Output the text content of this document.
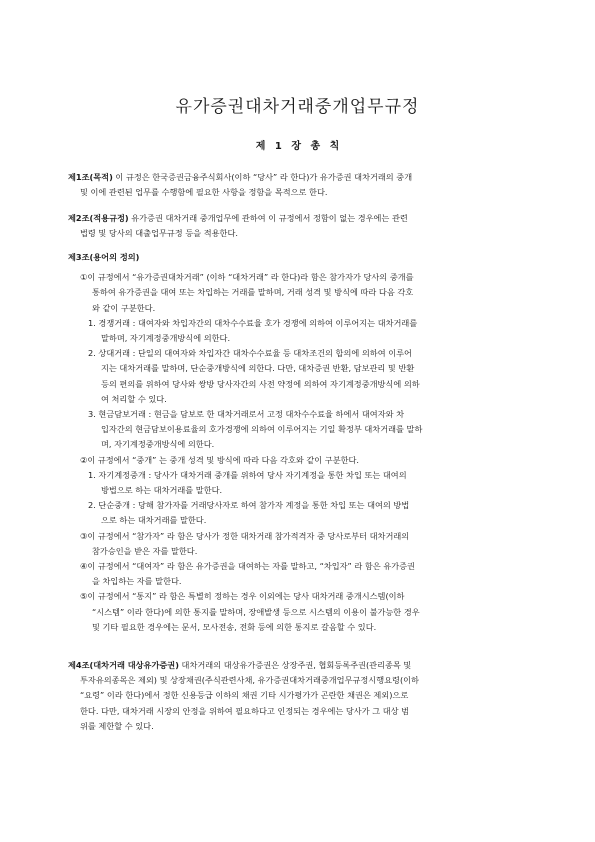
유가증권대차거래중개업무규정
제 1 장 총 칙
제1조(목적) 이 규정은 한국증권금융주식회사(이하 “당사” 라 한다)가 유가증권 대차거래의 중개
및 이에 관련된 업무를 수행함에 필요한 사항을 정함을 목적으로 한다.
제2조(적용규정) 유가증권 대차거래 중개업무에 관하여 이 규정에서 정함이 없는 경우에는 관련
법령 및 당사의 대출업무규정 등을 적용한다.
제3조(용어의 정의)
①이 규정에서 “유가증권대차거래” (이하 “대차거래” 라 한다)라 함은 참가자가 당사의 중개를
통하여 유가증권을 대여 또는 차입하는 거래를 말하며, 거래 성격 및 방식에 따라 다음 각호
와 같이 구분한다.
1. 경쟁거래 : 대여자와 차입자간의 대차수수료율 호가 경쟁에 의하여 이루어지는 대차거래를
말하며, 자기계정중개방식에 의한다.
2. 상대거래 : 단일의 대여자와 차입자간 대차수수료율 등 대차조건의 합의에 의하여 이루어
지는 대차거래를 말하며, 단순중개방식에 의한다. 다만, 대차증권 반환, 담보관리 및 반환
등의 편의를 위하여 당사와 쌍방 당사자간의 사전 약정에 의하여 자기계정중개방식에 의하
여 처리할 수 있다.
3. 현금담보거래 : 현금을 담보로 한 대차거래로서 고정 대차수수료율 하에서 대여자와 차
입자간의 현금담보이용료율의 호가경쟁에 의하여 이루어지는 기일 확정부 대차거래를 말하
며, 자기계정중개방식에 의한다.
②이 규정에서 “중개” 는 중개 성격 및 방식에 따라 다음 각호와 같이 구분한다.
1. 자기계정중개 : 당사가 대차거래 중개를 위하여 당사 자기계정을 통한 차입 또는 대여의
방법으로 하는 대차거래를 말한다.
2. 단순중개 : 당해 참가자를 거래당사자로 하여 참가자 계정을 통한 차입 또는 대여의 방법
으로 하는 대차거래를 말한다.
③이 규정에서 “참가자” 라 함은 당사가 정한 대차거래 참가적격자 중 당사로부터 대차거래의
참가승인을 받은 자를 말한다.
④이 규정에서 “대여자” 라 함은 유가증권을 대여하는 자를 말하고, “차입자” 라 함은 유가증권
을 차입하는 자를 말한다.
⑤이 규정에서 “통지” 라 함은 특별히 정하는 경우 이외에는 당사 대차거래 중개시스템(이하
“시스템” 이라 한다)에 의한 통지를 말하며, 장애발생 등으로 시스템의 이용이 불가능한 경우
및 기타 필요한 경우에는 문서, 모사전송, 전화 등에 의한 통지로 갈음할 수 있다.
제4조(대차거래 대상유가증권) 대차거래의 대상유가증권은 상장주권, 협회등록주권(관리종목 및
투자유의종목은 제외) 및 상장채권(주식관련사채, 유가증권대차거래중개업무규정시행요령(이하
“요령” 이라 한다)에서 정한 신용등급 이하의 채권 기타 시가평가가 곤란한 채권은 제외)으로
한다. 다만, 대차거래 시장의 안정을 위하여 필요하다고 인정되는 경우에는 당사가 그 대상 범
위를 제한할 수 있다.
